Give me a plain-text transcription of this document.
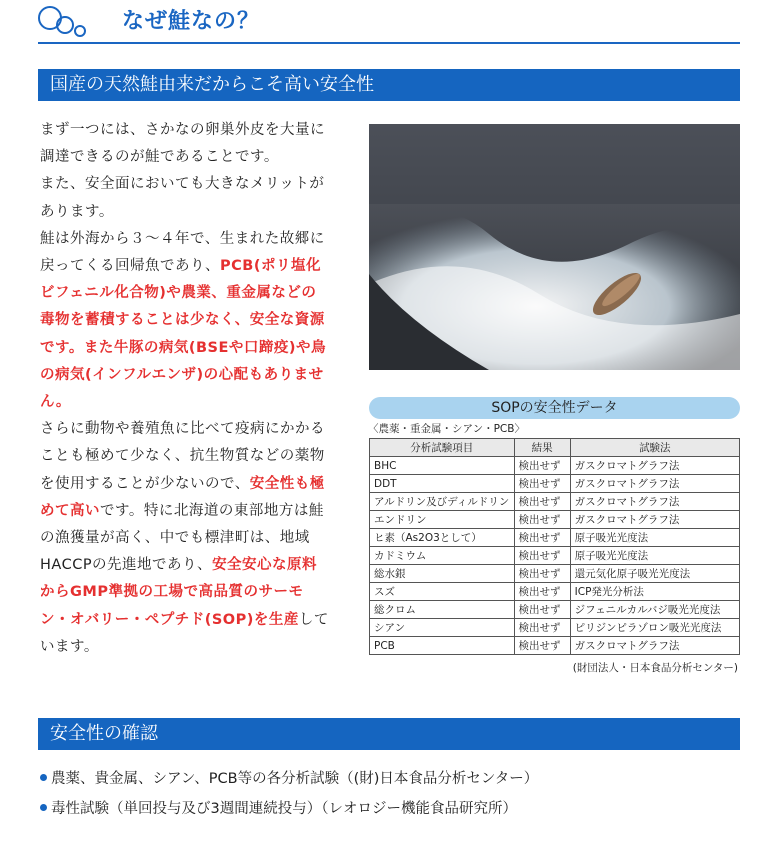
なぜ鮭なの？
国産の天然鮭由来だからこそ高い安全性

まず一つには、さかなの卵巣外皮を大量に調達できるのが鮭であることです。

また、安全面においても大きなメリットがあります。

鮭は外海から３～４年で、生まれた故郷に戻ってくる回帰魚であり、PCB(ポリ塩化ビフェニル化合物)や農業、重金属などの毒物を蓄積することは少なく、安全な資源です。また牛豚の病気(BSEや口蹄疫)や鳥の病気(インフルエンザ)の心配もありません。

さらに動物や養殖魚に比べて疫病にかかることも極めて少なく、抗生物質などの薬物を使用することが少ないので、安全性も極めて高いです。特に北海道の東部地方は鮭の漁獲量が高く、中でも標津町は、地域HACCPの先進地であり、安全安心な原料からGMP準拠の工場で高品質のサーモン・オバリー・ペプチド(SOP)を生産しています。

SOPの安全性データ
〈農薬・重金属・シアン・PCB〉
分析試験項目	結果	試験法
BHC	検出せず	ガスクロマトグラフ法
DDT	検出せず	ガスクロマトグラフ法
アルドリン及びディルドリン	検出せず	ガスクロマトグラフ法
エンドリン	検出せず	ガスクロマトグラフ法
ヒ素（As2O3として）	検出せず	原子吸光光度法
カドミウム	検出せず	原子吸光光度法
総水銀	検出せず	還元気化原子吸光光度法
スズ	検出せず	ICP発光分析法
総クロム	検出せず	ジフェニルカルバジ吸光光度法
シアン	検出せず	ピリジンピラゾロン吸光光度法
PCB	検出せず	ガスクロマトグラフ法
(財団法人・日本食品分析センター)
安全性の確認
農薬、貴金属、シアン、PCB等の各分析試験（(財)日本食品分析センター）
毒性試験（単回投与及び3週間連続投与）（レオロジー機能食品研究所）
